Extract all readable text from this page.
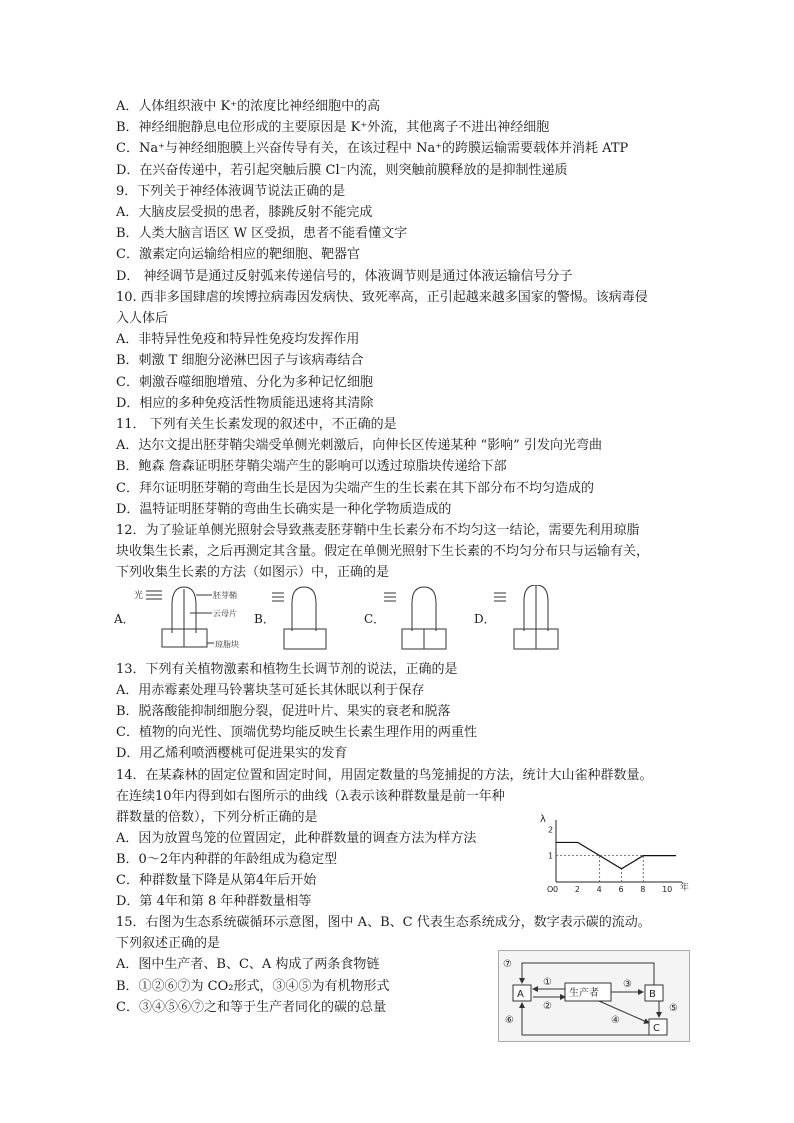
A．人体组织液中 K⁺的浓度比神经细胞中的高
B．神经细胞静息电位形成的主要原因是 K⁺外流，其他离子不进出神经细胞
C．Na⁺与神经细胞膜上兴奋传导有关，在该过程中 Na⁺的跨膜运输需要载体并消耗 ATP
D．在兴奋传递中，若引起突触后膜 Cl⁻内流，则突触前膜释放的是抑制性递质
9．下列关于神经体液调节说法正确的是
A．大脑皮层受损的患者，膝跳反射不能完成
B．人类大脑言语区 W 区受损，患者不能看懂文字
C．激素定向运输给相应的靶细胞、靶器官
D． 神经调节是通过反射弧来传递信号的，体液调节则是通过体液运输信号分子
10. 西非多国肆虐的埃博拉病毒因发病快、致死率高，正引起越来越多国家的警惕。该病毒侵
入人体后
A．非特异性免疫和特异性免疫均发挥作用
B．刺激 T 细胞分泌淋巴因子与该病毒结合
C．刺激吞噬细胞增殖、分化为多种记忆细胞
D．相应的多种免疫活性物质能迅速将其清除
11． 下列有关生长素发现的叙述中，不正确的是
A．达尔文提出胚芽鞘尖端受单侧光刺激后，向伸长区传递某种 “影响” 引发向光弯曲
B．鲍森 詹森证明胚芽鞘尖端产生的影响可以透过琼脂块传递给下部
C．拜尔证明胚芽鞘的弯曲生长是因为尖端产生的生长素在其下部分布不均匀造成的
D．温特证明胚芽鞘的弯曲生长确实是一种化学物质造成的
12．为了验证单侧光照射会导致燕麦胚芽鞘中生长素分布不均匀这一结论，需要先利用琼脂
块收集生长素，之后再测定其含量。假定在单侧光照射下生长素的不均匀分布只与运输有关，
下列收集生长素的方法（如图示）中，正确的是
A．	B．	C．	D．
光	胚芽鞘
云母片
琼脂块
13．下列有关植物激素和植物生长调节剂的说法，正确的是
A．用赤霉素处理马铃薯块茎可延长其休眠以利于保存
B．脱落酸能抑制细胞分裂，促进叶片、果实的衰老和脱落
C．植物的向光性、顶端优势均能反映生长素生理作用的两重性
D．用乙烯利喷洒樱桃可促进果实的发育
14．在某森林的固定位置和固定时间，用固定数量的鸟笼捕捉的方法，统计大山雀种群数量。
在连续10年内得到如右图所示的曲线（λ表示该种群数量是前一年种
群数量的倍数），下列分析正确的是
A．因为放置鸟笼的位置固定，此种群数量的调查方法为样方法
B．0～2年内种群的年龄组成为稳定型
C．种群数量下降是从第4年后开始
D．第 4年和第 8 年种群数量相等
15．右图为生态系统碳循环示意图，图中 A、B、C 代表生态系统成分，数字表示碳的流动。
下列叙述正确的是
A．图中生产者、B、C、A 构成了两条食物链
B．①②⑥⑦为 CO₂形式，③④⑤为有机物形式
C．③④⑤⑥⑦之和等于生产者同化的碳的总量
λ
年
0 2 4 6 8 10
1
2
O
A	生产者	B
C
①
②
③
④
⑤
⑥
⑦
